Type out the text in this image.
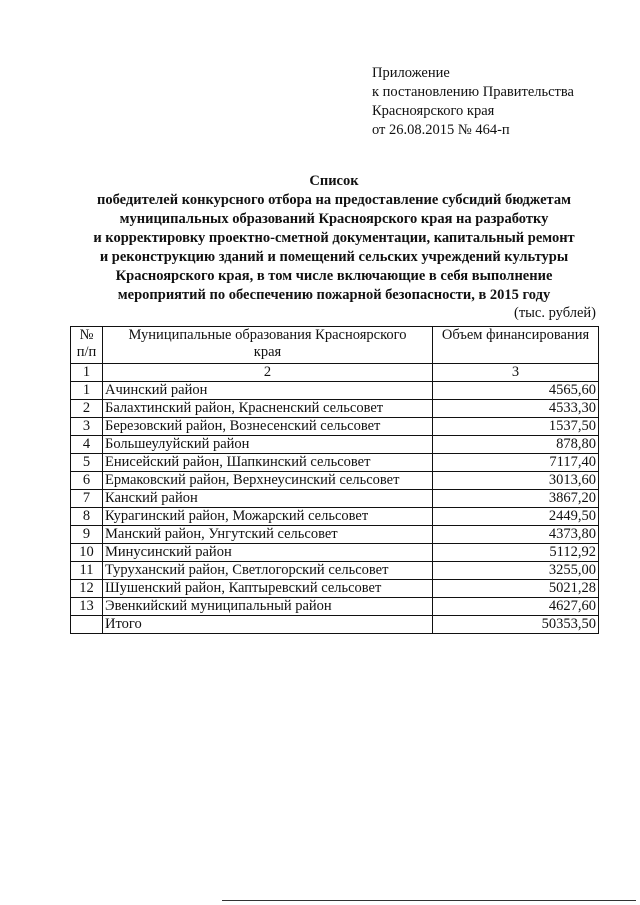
Приложение
к постановлению Правительства
Красноярского края
от 26.08.2015 № 464-п
Список
победителей конкурсного отбора на предоставление субсидий бюджетам
муниципальных образований Красноярского края на разработку
и корректировку проектно-сметной документации, капитальный ремонт
и реконструкцию зданий и помещений сельских учреждений культуры
Красноярского края, в том числе включающие в себя выполнение
мероприятий по обеспечению пожарной безопасности, в 2015 году
(тыс. рублей)
№
п/п	Муниципальные образования Красноярского края	Объем финансирования
1	2	3
1	Ачинский район	4565,60
2	Балахтинский район, Красненский сельсовет	4533,30
3	Березовский район, Вознесенский сельсовет	1537,50
4	Большеулуйский район	878,80
5	Енисейский район, Шапкинский сельсовет	7117,40
6	Ермаковский район, Верхнеусинский сельсовет	3013,60
7	Канский район	3867,20
8	Курагинский район, Можарский сельсовет	2449,50
9	Манский район, Унгутский сельсовет	4373,80
10	Минусинский район	5112,92
11	Туруханский район, Светлогорский сельсовет	3255,00
12	Шушенский район, Каптыревский сельсовет	5021,28
13	Эвенкийский муниципальный район	4627,60
	Итого	50353,50
